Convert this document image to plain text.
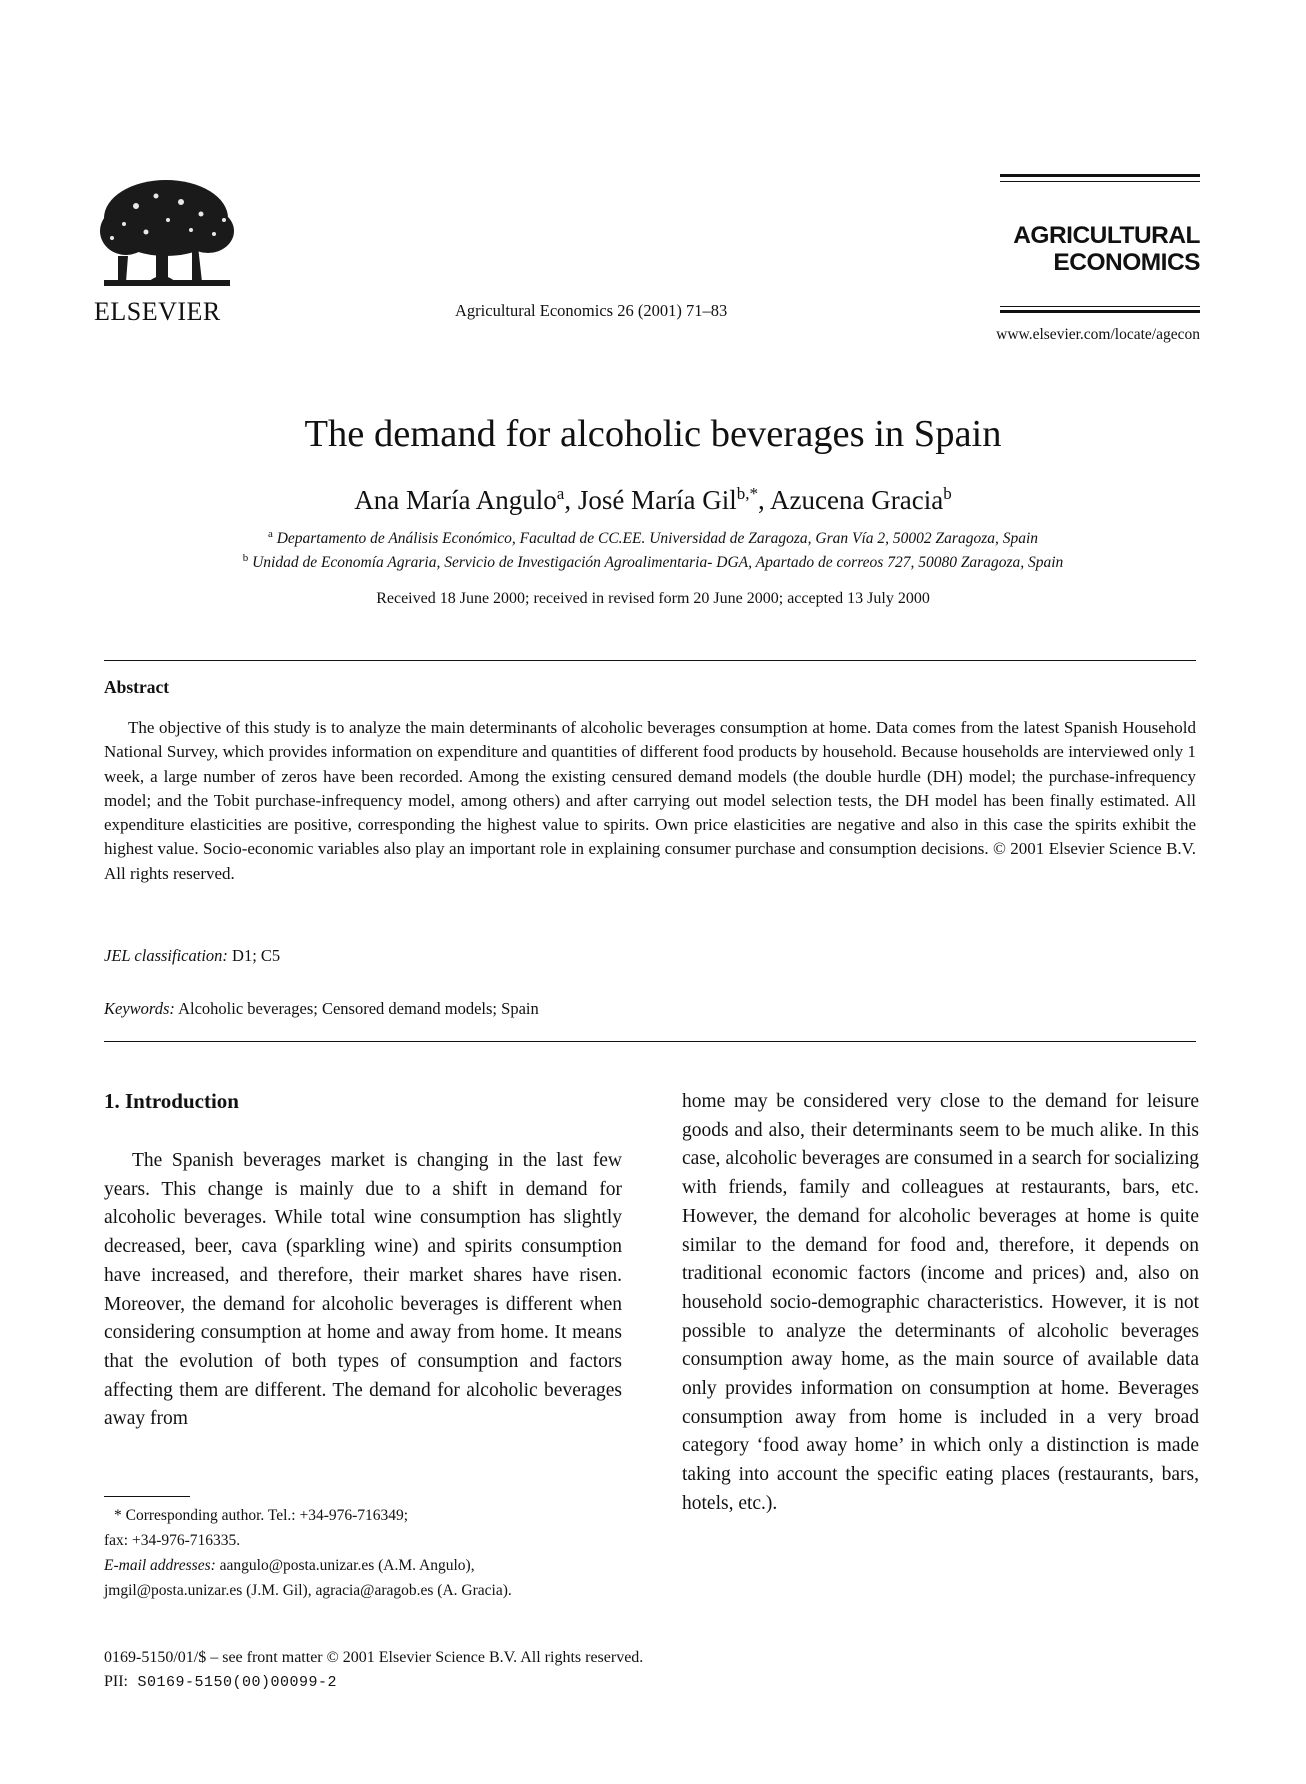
ELSEVIER	Agricultural Economics 26 (2001) 71–83
AGRICULTURAL
ECONOMICS
www.elsevier.com/locate/agecon
The demand for alcoholic beverages in Spain
Ana María Angulo$^a$, José María Gil$^{b,*}$, Azucena Gracia$^b$
$^a$ Departamento de Análisis Económico, Facultad de CC.EE. Universidad de Zaragoza, Gran Vía 2, 50002 Zaragoza, Spain
$^b$ Unidad de Economía Agraria, Servicio de Investigación Agroalimentaria- DGA, Apartado de correos 727, 50080 Zaragoza, Spain
Received 18 June 2000; received in revised form 20 June 2000; accepted 13 July 2000
Abstract

The objective of this study is to analyze the main determinants of alcoholic beverages consumption at home. Data comes from the latest Spanish Household National Survey, which provides information on expenditure and quantities of different food products by household. Because households are interviewed only 1 week, a large number of zeros have been recorded. Among the existing censured demand models (the double hurdle (DH) model; the purchase-infrequency model; and the Tobit purchase-infrequency model, among others) and after carrying out model selection tests, the DH model has been finally estimated. All expenditure elasticities are positive, corresponding the highest value to spirits. Own price elasticities are negative and also in this case the spirits exhibit the highest value. Socio-economic variables also play an important role in explaining consumer purchase and consumption decisions. © 2001 Elsevier Science B.V. All rights reserved.

JEL classification: D1; C5
Keywords: Alcoholic beverages; Censored demand models; Spain
1. Introduction

The Spanish beverages market is changing in the last few years. This change is mainly due to a shift in demand for alcoholic beverages. While total wine consumption has slightly decreased, beer, cava (sparkling wine) and spirits consumption have increased, and therefore, their market shares have risen. Moreover, the demand for alcoholic beverages is different when considering consumption at home and away from home. It means that the evolution of both types of consumption and factors affecting them are different. The demand for alcoholic beverages away from

home may be considered very close to the demand for leisure goods and also, their determinants seem to be much alike. In this case, alcoholic beverages are consumed in a search for socializing with friends, family and colleagues at restaurants, bars, etc. However, the demand for alcoholic beverages at home is quite similar to the demand for food and, therefore, it depends on traditional economic factors (income and prices) and, also on household socio-demographic characteristics. However, it is not possible to analyze the determinants of alcoholic beverages consumption away home, as the main source of available data only provides information on consumption at home. Beverages consumption away from home is included in a very broad category ‘food away home’ in which only a distinction is made taking into account the specific eating places (restaurants, bars, hotels, etc.).

* Corresponding author. Tel.: +34-976-716349;
fax: +34-976-716335.
E-mail addresses: aangulo@posta.unizar.es (A.M. Angulo),
jmgil@posta.unizar.es (J.M. Gil), agracia@aragob.es (A. Gracia).
0169-5150/01/$ – see front matter © 2001 Elsevier Science B.V. All rights reserved.
PII: S0169-5150(00)00099-2
